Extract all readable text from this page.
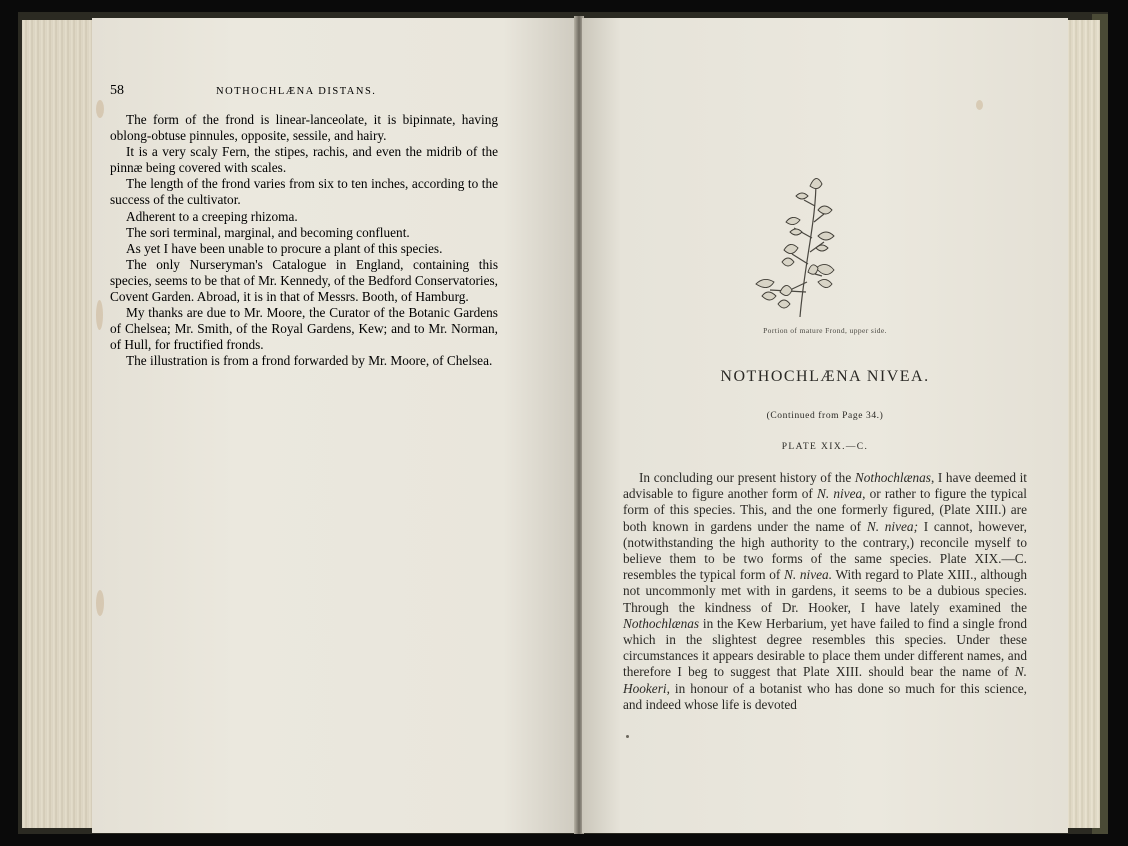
58	NOTHOCHLÆNA DISTANS.

The form of the frond is linear-lanceolate, it is bipinnate, having oblong-obtuse pinnules, opposite, sessile, and hairy.

It is a very scaly Fern, the stipes, rachis, and even the midrib of the pinnæ being covered with scales.

The length of the frond varies from six to ten inches, according to the success of the cultivator.

Adherent to a creeping rhizoma.

The sori terminal, marginal, and becoming confluent.

As yet I have been unable to procure a plant of this species.

The only Nurseryman's Catalogue in England, containing this species, seems to be that of Mr. Kennedy, of the Bedford Conservatories, Covent Garden. Abroad, it is in that of Messrs. Booth, of Hamburg.

My thanks are due to Mr. Moore, the Curator of the Botanic Gardens of Chelsea; Mr. Smith, of the Royal Gardens, Kew; and to Mr. Norman, of Hull, for fructified fronds.

The illustration is from a frond forwarded by Mr. Moore, of Chelsea.

Portion of mature Frond, upper side.
NOTHOCHLÆNA NIVEA.
(Continued from Page 34.)
PLATE XIX.—C.

In concluding our present history of the Nothochlænas, I have deemed it advisable to figure another form of N. nivea, or rather to figure the typical form of this species. This, and the one formerly figured, (Plate XIII.) are both known in gardens under the name of N. nivea; I cannot, however, (notwithstanding the high authority to the contrary,) reconcile myself to believe them to be two forms of the same species. Plate XIX.—C. resembles the typical form of N. nivea. With regard to Plate XIII., although not uncommonly met with in gardens, it seems to be a dubious species. Through the kindness of Dr. Hooker, I have lately examined the Nothochlænas in the Kew Herbarium, yet have failed to find a single frond which in the slightest degree resembles this species. Under these circumstances it appears desirable to place them under different names, and therefore I beg to suggest that Plate XIII. should bear the name of N. Hookeri, in honour of a botanist who has done so much for this science, and indeed whose life is devoted
